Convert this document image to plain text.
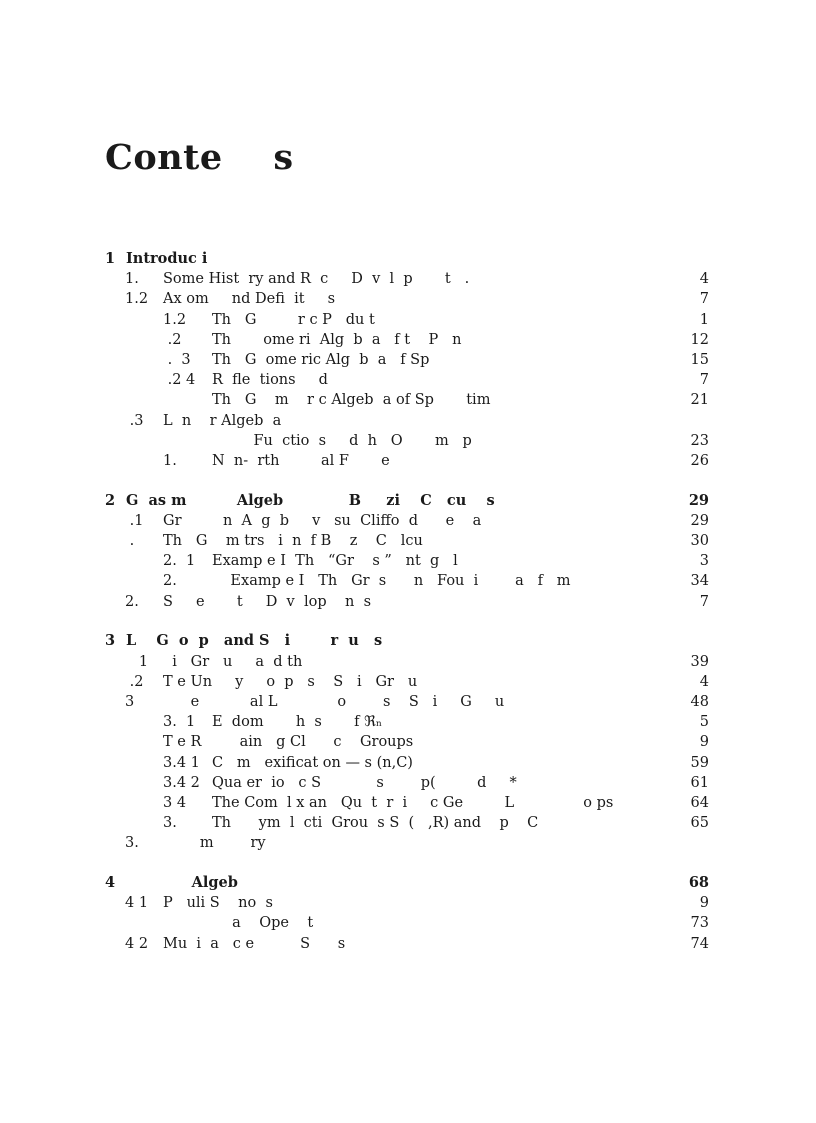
Conte    s
1 Introduc i
1. Some Hist  ry and R  c     D  v  l  p       t   .	4
1.2 Ax om     nd Defi  it     s	7
1.2 Th   G         r c P   du t	1
.2 Th       ome ri  Alg  b  a   f t    P   n	12
.  3 Th   G  ome ric Alg  b  a   f Sp	15
.2 4 R  fle  tions     d	7
Th   G    m    r c Algeb  a of Sp       tim	21
.3 L  n    r Algeb  a
Fu  ctio  s     d  h   O       m   p	23
1. N  n-  rth         al F       e	26
2 G  as m          Algeb             B     zi    C   cu    s	29
.1 Gr         n  A  g  b     v   su  Cliffo  d      e    a	29
. Th   G    m trs   i  n  f B    z    C   lcu	30
2.  1 Examp e I  Th   “Gr    s ”   nt  g   l	3
2. Examp e I   Th   Gr  s      n   Fou  i        a   f   m	34
2. S     e       t     D  v  lop    n  s	7
3 L    G  o  p   and S   i        r  u   s
1 i   Gr   u     a  d th	39
.2 T e Un     y     o  p   s    S   i   Gr   u	4
3 e           al L             o        s    S   i     G     u	48
3.  1 E  dom       h  s       f ℜₙ	5
T e R ain   g Cl      c    Groups	9
3.4 1 C   m   exificat on — s (n,C)	59
3.4 2 Qua er  io   c S            s        p(         d     *	61
3 4 The Com  l x an   Qu  t  r  i     c Ge         L               o ps	64
3. Th      ym  l  cti  Grou  s S  (   ,R) and    p    C	65
3. m        ry
4 Algeb	68
4 1 P   uli S    no  s	9
a    Ope    t	73
4 2 Mu  i  a   c e          S      s	74
